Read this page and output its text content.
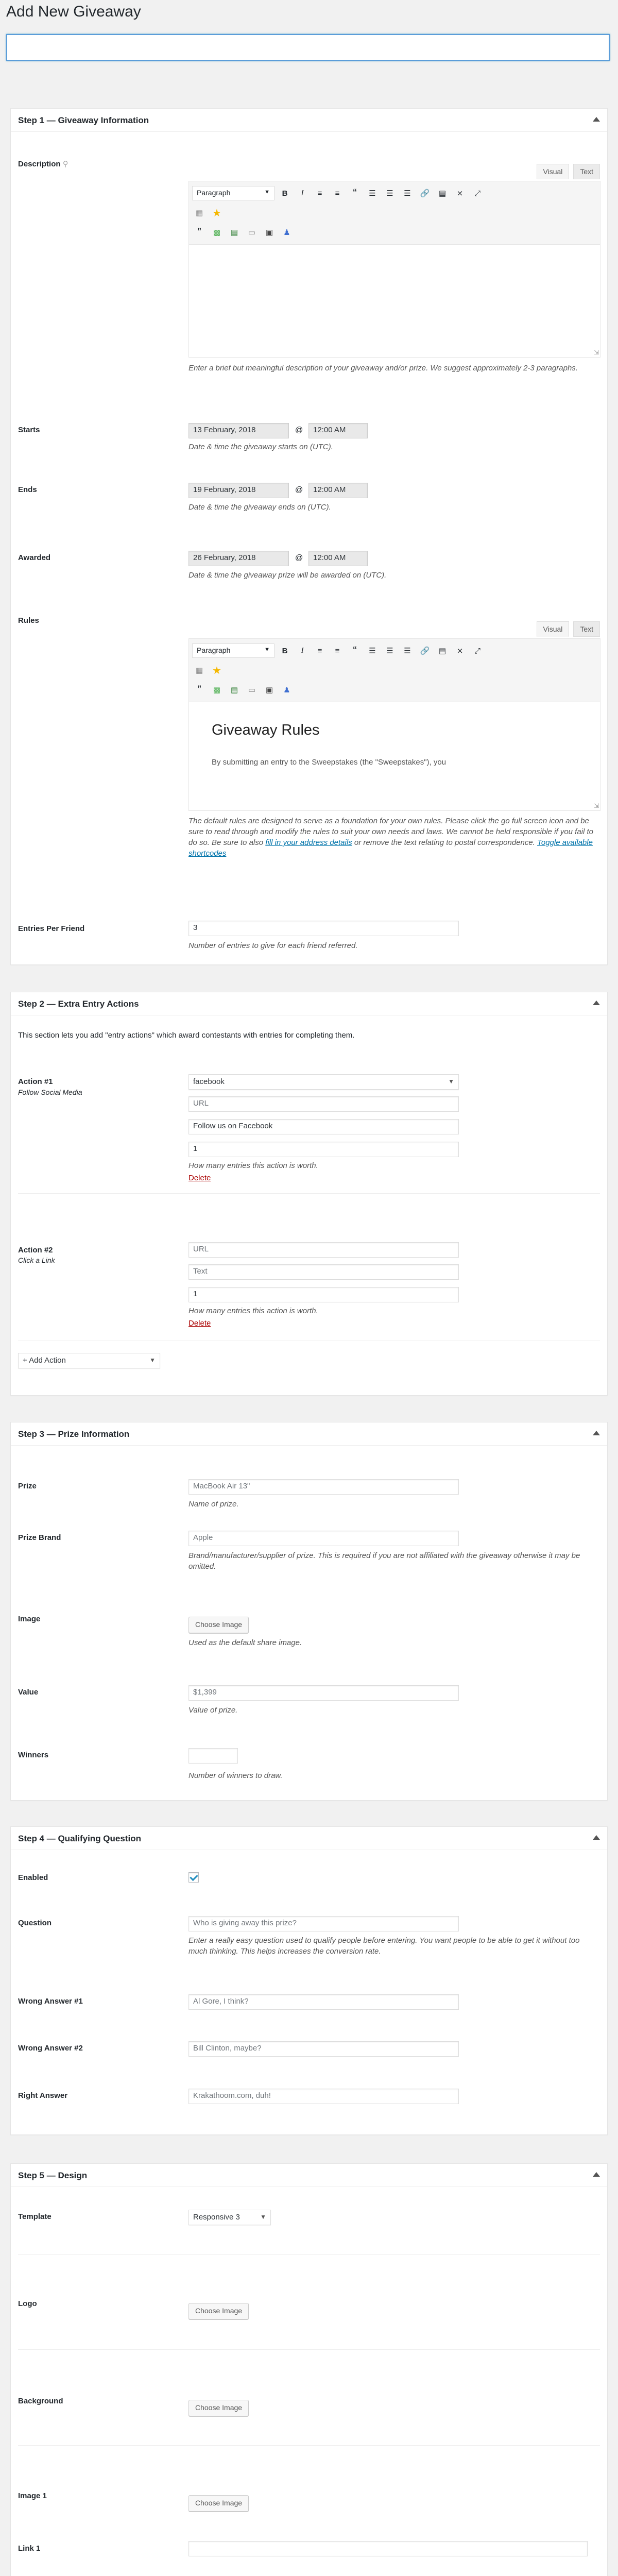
Add New Giveaway
Step 1 — Giveaway Information
Description ⚲
Visual Text
Paragraph	▼	B	I	≡	≡	“	☰	☰	☰	🔗	▤	⨯	⤢
▦ ★
”	▩	▤	▭	▣	♟
⇲
Enter a brief but meaningful description of your giveaway and/or prize. We suggest approximately 2-3 paragraphs.
Starts	13 February, 2018	@	12:00 AM
Date & time the giveaway starts on (UTC).
Ends	19 February, 2018	@	12:00 AM
Date & time the giveaway ends on (UTC).
Awarded	26 February, 2018	@	12:00 AM
Date & time the giveaway prize will be awarded on (UTC).
Rules
Visual Text
Paragraph	▼	B	I	≡	≡	“	☰	☰	☰	🔗	▤	⨯	⤢
▦ ★
”	▩	▤	▭	▣	♟
Giveaway Rules
By submitting an entry to the Sweepstakes (the "Sweepstakes"), you
⇲
The default rules are designed to serve as a foundation for your own rules. Please click the go full screen icon and be sure to read through and modify the rules to suit your own needs and laws. We cannot be held responsible if you fail to do so. Be sure to also fill in your address details or remove the text relating to postal correspondence. Toggle available shortcodes
Entries Per Friend	3
Number of entries to give for each friend referred.
Step 2 — Extra Entry Actions
This section lets you add "entry actions" which award contestants with entries for completing them.
Action #1
Follow Social Media
facebook	▼
URL
Follow us on Facebook
1
How many entries this action is worth.
Delete
Action #2
Click a Link
URL
Text
1
How many entries this action is worth.
Delete
+ Add Action	▼
Step 3 — Prize Information
Prize	MacBook Air 13"
Name of prize.
Prize Brand	Apple
Brand/manufacturer/supplier of prize. This is required if you are not affiliated with the giveaway otherwise it may be omitted.
Image
Choose Image
Used as the default share image.
Value	$1,399
Value of prize.
Winners
Number of winners to draw.
Step 4 — Qualifying Question
Enabled
Question	Who is giving away this prize?
Enter a really easy question used to qualify people before entering. You want people to be able to get it without too much thinking. This helps increases the conversion rate.
Wrong Answer #1	Al Gore, I think?
Wrong Answer #2	Bill Clinton, maybe?
Right Answer	Krakathoom.com, duh!
Step 5 — Design
Template	Responsive 3	▼
Logo
Choose Image
Background
Choose Image
Image 1
Choose Image
Link 1
